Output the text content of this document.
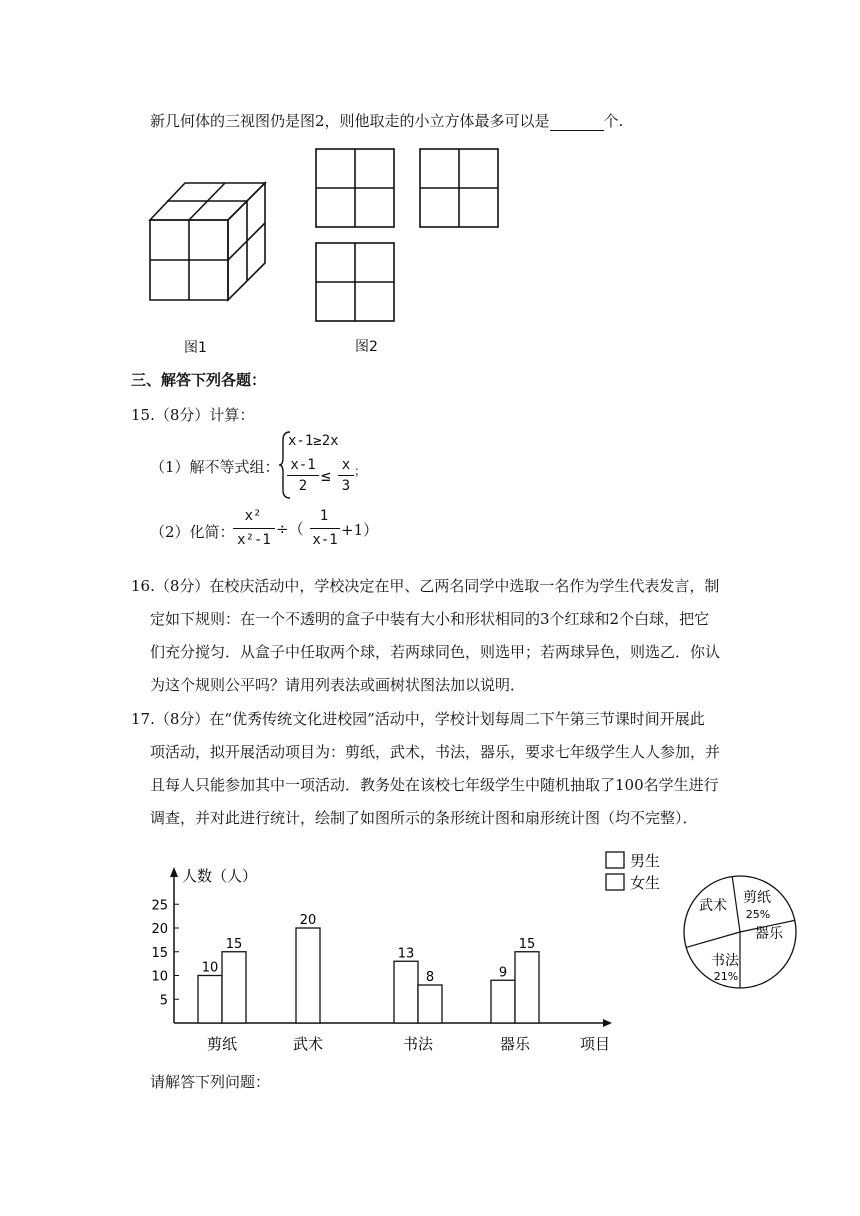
新几何体的三视图仍是图2，则他取走的小立方体最多可以是	个.
图1	图2
三、解答下列各题：
15.（8分）计算：
（1）解不等式组：
x-1≥2x
x-1
2
≤
x
3
；
（2）化简：
x²
x²-1
÷（
1
x-1
+1）
16.（8分）在校庆活动中，学校决定在甲、乙两名同学中选取一名作为学生代表发言，制
定如下规则：在一个不透明的盒子中装有大小和形状相同的3个红球和2个白球，把它
们充分搅匀．从盒子中任取两个球，若两球同色，则选甲；若两球异色，则选乙．你认
为这个规则公平吗？请用列表法或画树状图法加以说明．
17.（8分）在“优秀传统文化进校园”活动中，学校计划每周二下午第三节课时间开展此
项活动，拟开展活动项目为：剪纸，武术，书法，器乐，要求七年级学生人人参加，并
且每人只能参加其中一项活动．教务处在该校七年级学生中随机抽取了100名学生进行
调查，并对此进行统计，绘制了如图所示的条形统计图和扇形统计图（均不完整）．
人数（人）
项目
5
10
15
20
25
剪纸
10
15
武术
20
书法
13
8
器乐
9
15
男生
女生
剪纸
25%
器乐
书法
21%
武术
请解答下列问题：
